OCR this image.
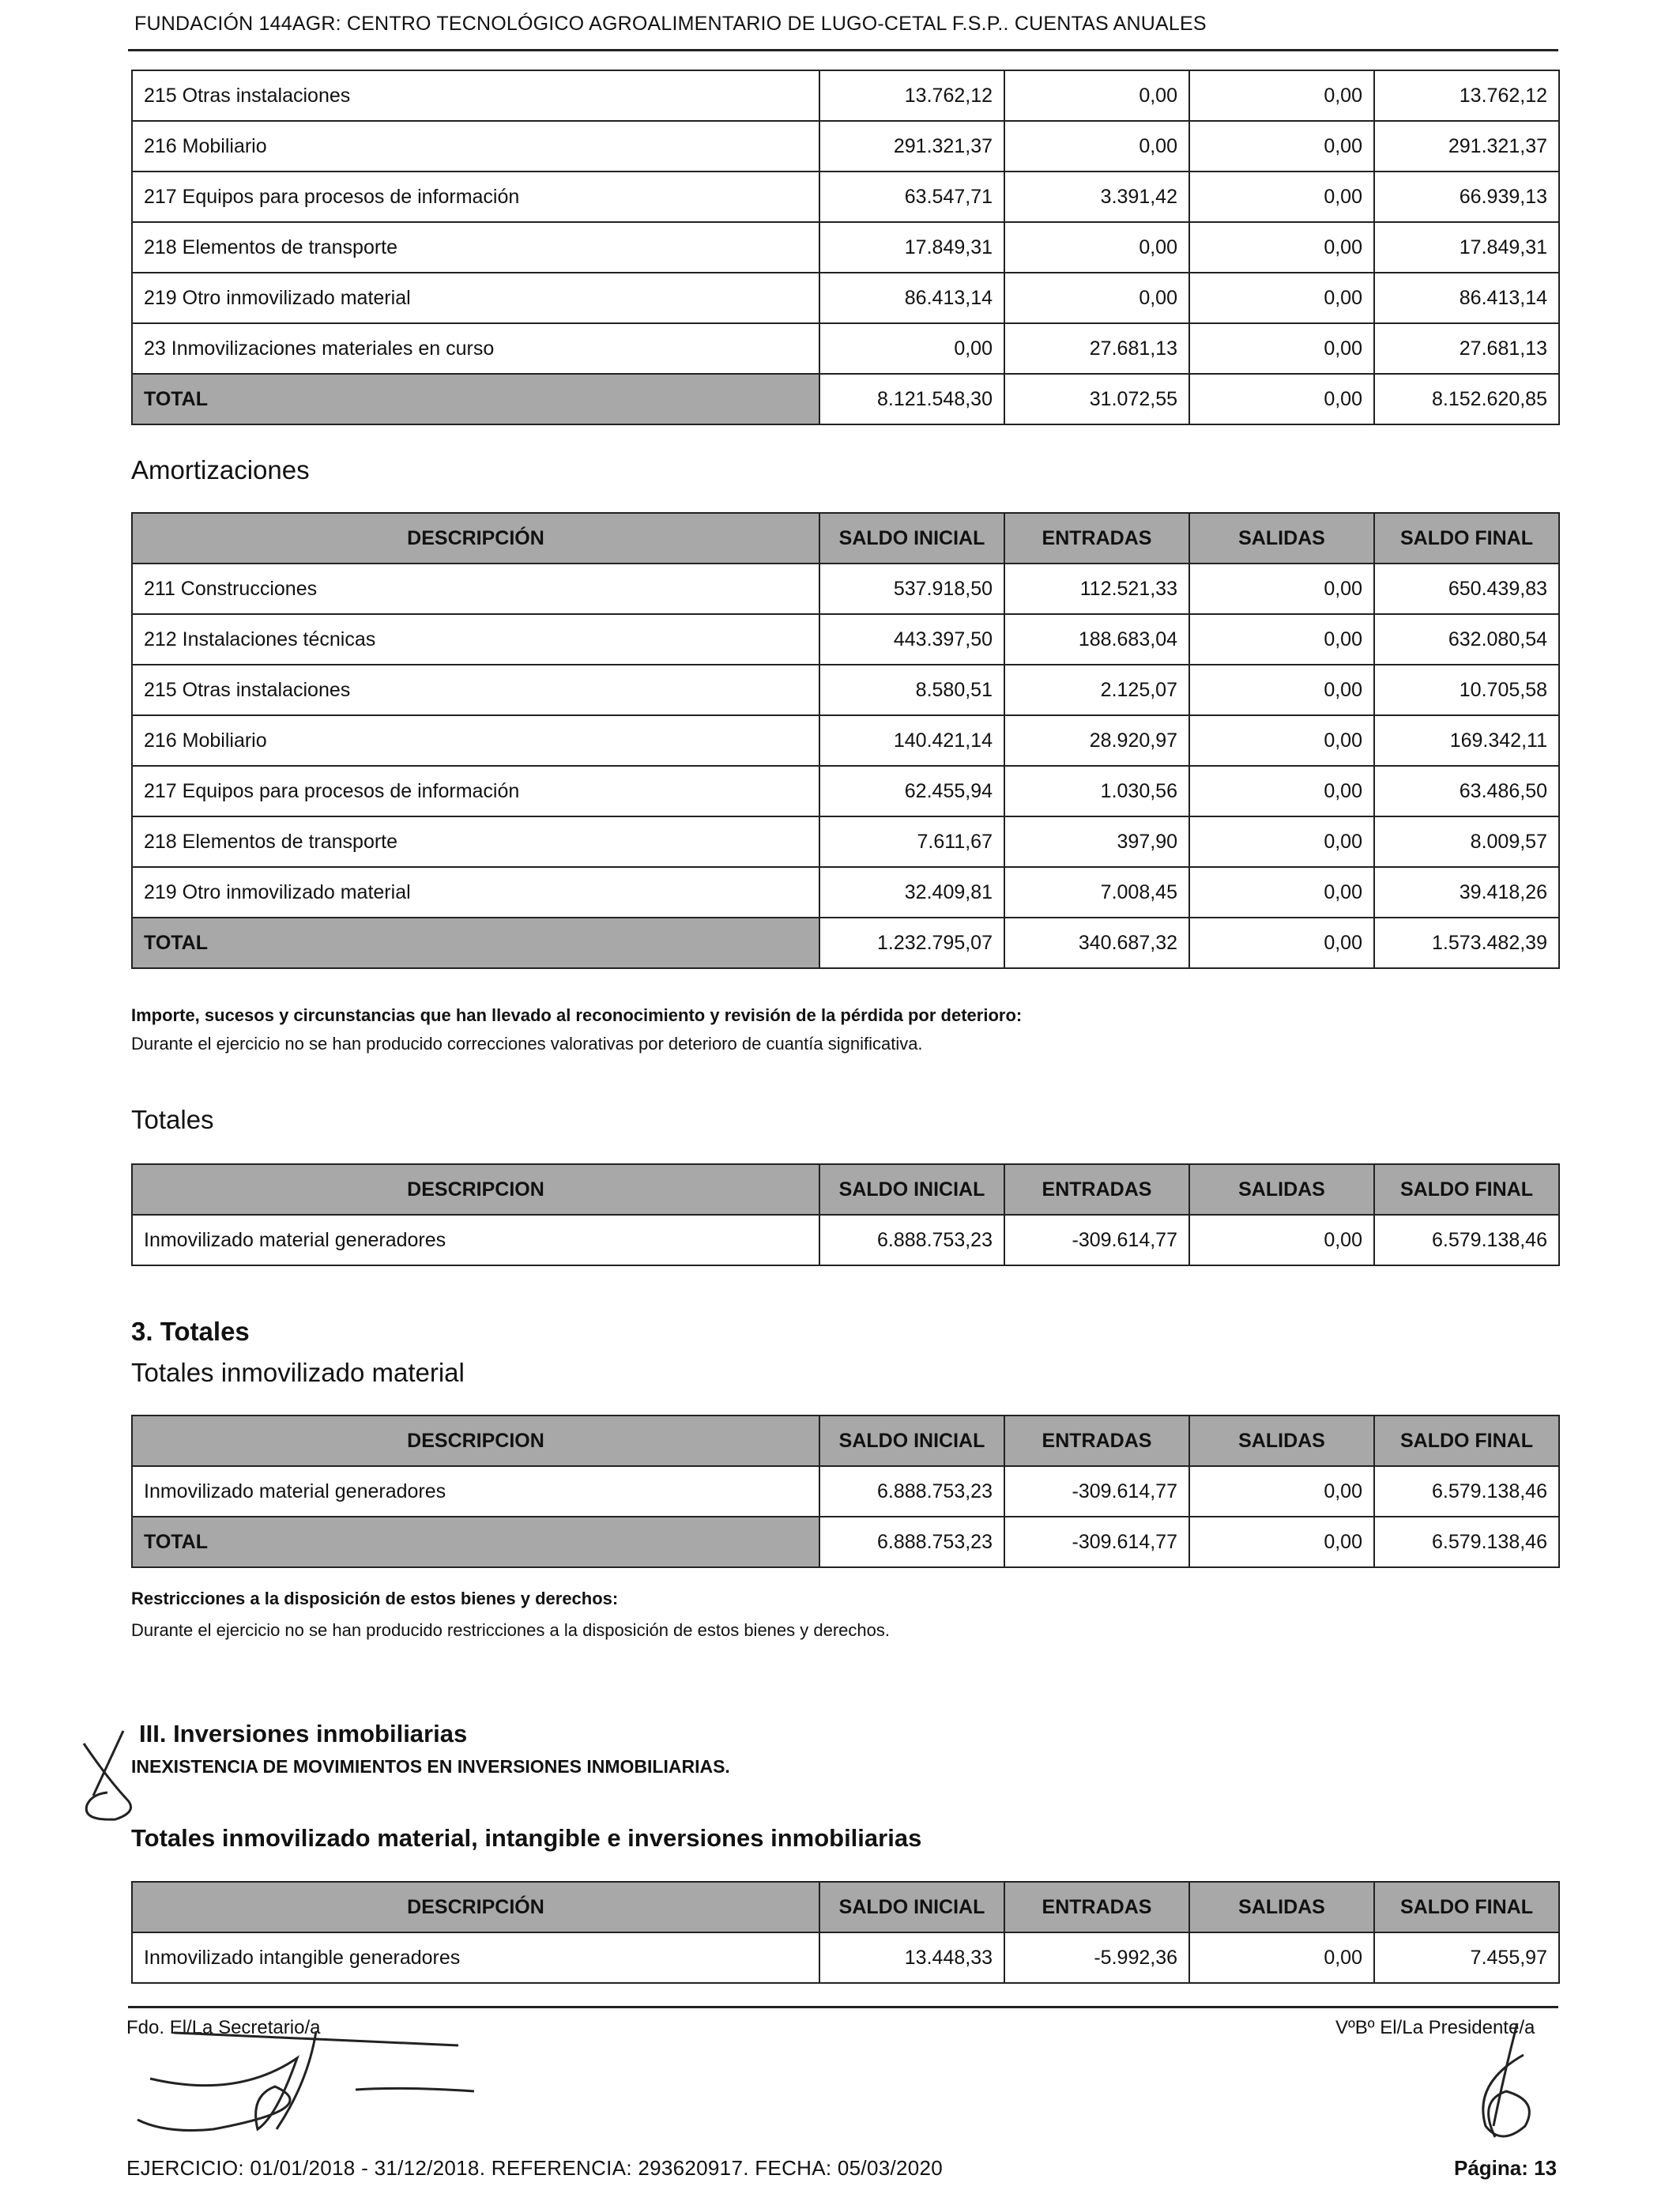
FUNDACIÓN 144AGR: CENTRO TECNOLÓGICO AGROALIMENTARIO DE LUGO-CETAL F.S.P.. CUENTAS ANUALES
215 Otras instalaciones	13.762,12	0,00	0,00	13.762,12
216 Mobiliario	291.321,37	0,00	0,00	291.321,37
217 Equipos para procesos de información	63.547,71	3.391,42	0,00	66.939,13
218 Elementos de transporte	17.849,31	0,00	0,00	17.849,31
219 Otro inmovilizado material	86.413,14	0,00	0,00	86.413,14
23 Inmovilizaciones materiales en curso	0,00	27.681,13	0,00	27.681,13
TOTAL	8.121.548,30	31.072,55	0,00	8.152.620,85
Amortizaciones
DESCRIPCIÓN	SALDO INICIAL	ENTRADAS	SALIDAS	SALDO FINAL
211 Construcciones	537.918,50	112.521,33	0,00	650.439,83
212 Instalaciones técnicas	443.397,50	188.683,04	0,00	632.080,54
215 Otras instalaciones	8.580,51	2.125,07	0,00	10.705,58
216 Mobiliario	140.421,14	28.920,97	0,00	169.342,11
217 Equipos para procesos de información	62.455,94	1.030,56	0,00	63.486,50
218 Elementos de transporte	7.611,67	397,90	0,00	8.009,57
219 Otro inmovilizado material	32.409,81	7.008,45	0,00	39.418,26
TOTAL	1.232.795,07	340.687,32	0,00	1.573.482,39
Importe, sucesos y circunstancias que han llevado al reconocimiento y revisión de la pérdida por deterioro:
Durante el ejercicio no se han producido correcciones valorativas por deterioro de cuantía significativa.
Totales
DESCRIPCION	SALDO INICIAL	ENTRADAS	SALIDAS	SALDO FINAL
Inmovilizado material generadores	6.888.753,23	-309.614,77	0,00	6.579.138,46
3. Totales
Totales inmovilizado material
DESCRIPCION	SALDO INICIAL	ENTRADAS	SALIDAS	SALDO FINAL
Inmovilizado material generadores	6.888.753,23	-309.614,77	0,00	6.579.138,46
TOTAL	6.888.753,23	-309.614,77	0,00	6.579.138,46
Restricciones a la disposición de estos bienes y derechos:
Durante el ejercicio no se han producido restricciones a la disposición de estos bienes y derechos.
III. Inversiones inmobiliarias
INEXISTENCIA DE MOVIMIENTOS EN INVERSIONES INMOBILIARIAS.
Totales inmovilizado material, intangible e inversiones inmobiliarias
DESCRIPCIÓN	SALDO INICIAL	ENTRADAS	SALIDAS	SALDO FINAL
Inmovilizado intangible generadores	13.448,33	-5.992,36	0,00	7.455,97
Fdo. El/La Secretario/a	VºBº El/La Presidente/a
EJERCICIO: 01/01/2018 - 31/12/2018. REFERENCIA: 293620917. FECHA: 05/03/2020	Página: 13
